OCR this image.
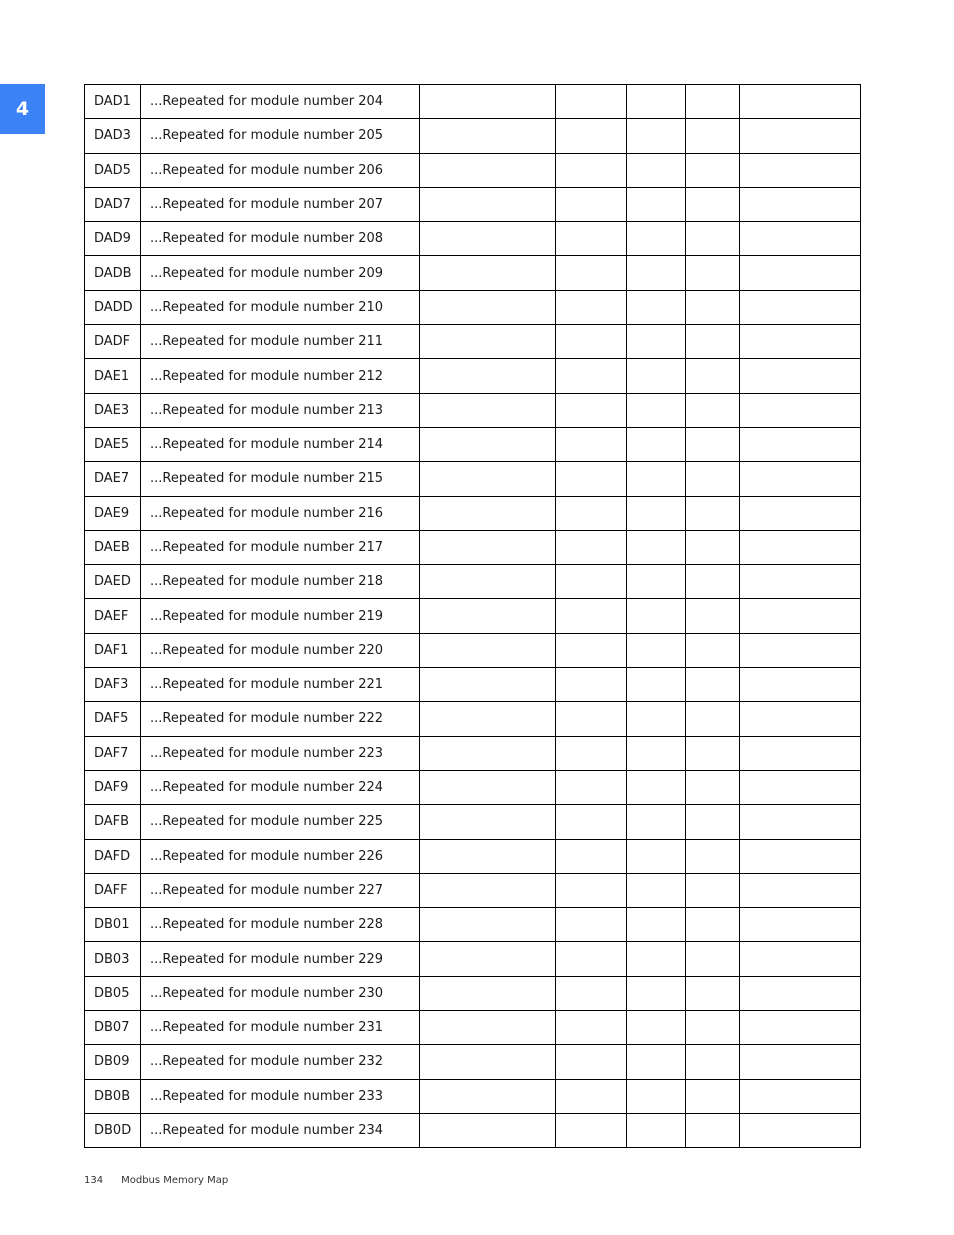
4	DAD1	...Repeated for module number 204					
DAD3	...Repeated for module number 205					
DAD5	...Repeated for module number 206					
DAD7	...Repeated for module number 207					
DAD9	...Repeated for module number 208					
DADB	...Repeated for module number 209					
DADD	...Repeated for module number 210					
DADF	...Repeated for module number 211					
DAE1	...Repeated for module number 212					
DAE3	...Repeated for module number 213					
DAE5	...Repeated for module number 214					
DAE7	...Repeated for module number 215					
DAE9	...Repeated for module number 216					
DAEB	...Repeated for module number 217					
DAED	...Repeated for module number 218					
DAEF	...Repeated for module number 219					
DAF1	...Repeated for module number 220					
DAF3	...Repeated for module number 221					
DAF5	...Repeated for module number 222					
DAF7	...Repeated for module number 223					
DAF9	...Repeated for module number 224					
DAFB	...Repeated for module number 225					
DAFD	...Repeated for module number 226					
DAFF	...Repeated for module number 227					
DB01	...Repeated for module number 228					
DB03	...Repeated for module number 229					
DB05	...Repeated for module number 230					
DB07	...Repeated for module number 231					
DB09	...Repeated for module number 232					
DB0B	...Repeated for module number 233					
DB0D	...Repeated for module number 234					
134 Modbus Memory Map
